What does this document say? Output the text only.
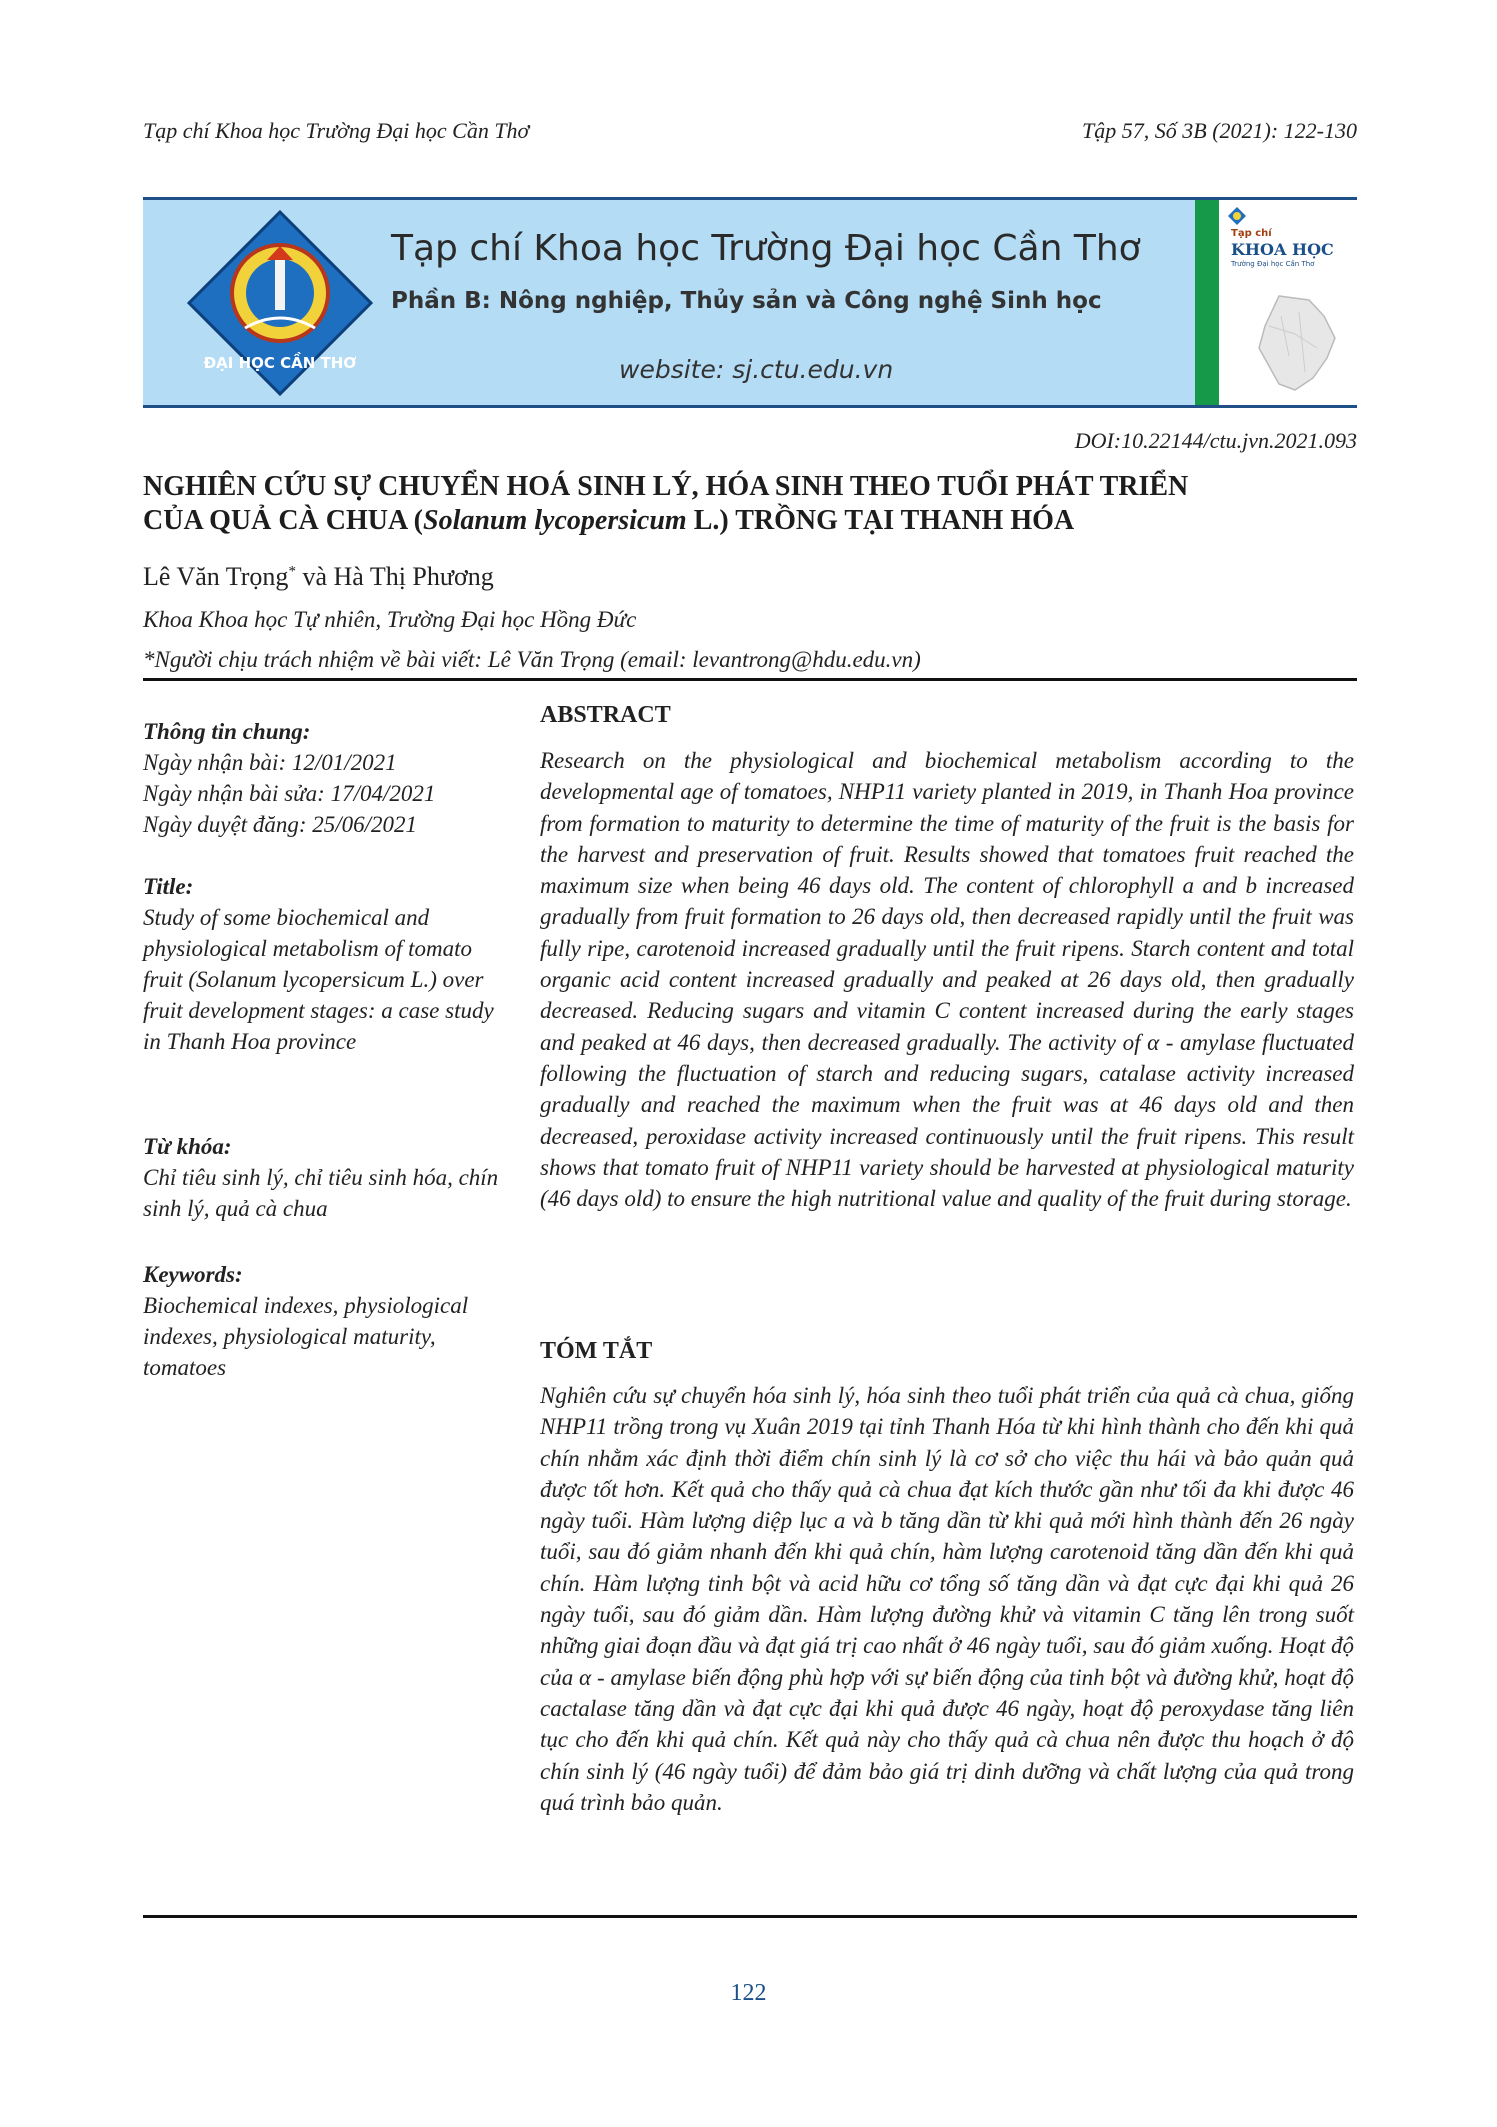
Tạp chí Khoa học Trường Đại học Cần Thơ	Tập 57, Số 3B (2021): 122-130
ĐẠI HỌC CẦN THƠ
Tạp chí Khoa học Trường Đại học Cần Thơ
Phần B: Nông nghiệp, Thủy sản và Công nghệ Sinh học
website: sj.ctu.edu.vn
Tạp chí
KHOA HỌC
Trường Đại học Cần Thơ
DOI:10.22144/ctu.jvn.2021.093
NGHIÊN CỨU SỰ CHUYỂN HOÁ SINH LÝ, HÓA SINH THEO TUỔI PHÁT TRIỂN
CỦA QUẢ CÀ CHUA (Solanum lycopersicum L.) TRỒNG TẠI THANH HÓA
Lê Văn Trọng* và Hà Thị Phương
Khoa Khoa học Tự nhiên, Trường Đại học Hồng Đức
*Người chịu trách nhiệm về bài viết: Lê Văn Trọng (email: levantrong@hdu.edu.vn)

Thông tin chung:

Ngày nhận bài: 12/01/2021

Ngày nhận bài sửa: 17/04/2021

Ngày duyệt đăng: 25/06/2021

Title:

Study of some biochemical and physiological metabolism of tomato fruit (Solanum lycopersicum L.) over fruit development stages: a case study in Thanh Hoa province

Từ khóa:

Chỉ tiêu sinh lý, chỉ tiêu sinh hóa, chín sinh lý, quả cà chua

Keywords:

Biochemical indexes, physiological indexes, physiological maturity, tomatoes

ABSTRACT

Research on the physiological and biochemical metabolism according to the developmental age of tomatoes, NHP11 variety planted in 2019, in Thanh Hoa province from formation to maturity to determine the time of maturity of the fruit is the basis for the harvest and preservation of fruit. Results showed that tomatoes fruit reached the maximum size when being 46 days old. The content of chlorophyll a and b increased gradually from fruit formation to 26 days old, then decreased rapidly until the fruit was fully ripe, carotenoid increased gradually until the fruit ripens. Starch content and total organic acid content increased gradually and peaked at 26 days old, then gradually decreased. Reducing sugars and vitamin C content increased during the early stages and peaked at 46 days, then decreased gradually. The activity of α - amylase fluctuated following the fluctuation of starch and reducing sugars, catalase activity increased gradually and reached the maximum when the fruit was at 46 days old and then decreased, peroxidase activity increased continuously until the fruit ripens. This result shows that tomato fruit of NHP11 variety should be harvested at physiological maturity (46 days old) to ensure the high nutritional value and quality of the fruit during storage.

TÓM TẮT

Nghiên cứu sự chuyển hóa sinh lý, hóa sinh theo tuổi phát triển của quả cà chua, giống NHP11 trồng trong vụ Xuân 2019 tại tỉnh Thanh Hóa từ khi hình thành cho đến khi quả chín nhằm xác định thời điểm chín sinh lý là cơ sở cho việc thu hái và bảo quản quả được tốt hơn. Kết quả cho thấy quả cà chua đạt kích thước gần như tối đa khi được 46 ngày tuổi. Hàm lượng diệp lục a và b tăng dần từ khi quả mới hình thành đến 26 ngày tuổi, sau đó giảm nhanh đến khi quả chín, hàm lượng carotenoid tăng dần đến khi quả chín. Hàm lượng tinh bột và acid hữu cơ tổng số tăng dần và đạt cực đại khi quả 26 ngày tuổi, sau đó giảm dần. Hàm lượng đường khử và vitamin C tăng lên trong suốt những giai đoạn đầu và đạt giá trị cao nhất ở 46 ngày tuổi, sau đó giảm xuống. Hoạt độ của α - amylase biến động phù hợp với sự biến động của tinh bột và đường khử, hoạt độ cactalase tăng dần và đạt cực đại khi quả được 46 ngày, hoạt độ peroxydase tăng liên tục cho đến khi quả chín. Kết quả này cho thấy quả cà chua nên được thu hoạch ở độ chín sinh lý (46 ngày tuổi) để đảm bảo giá trị dinh dưỡng và chất lượng của quả trong quá trình bảo quản.

122
